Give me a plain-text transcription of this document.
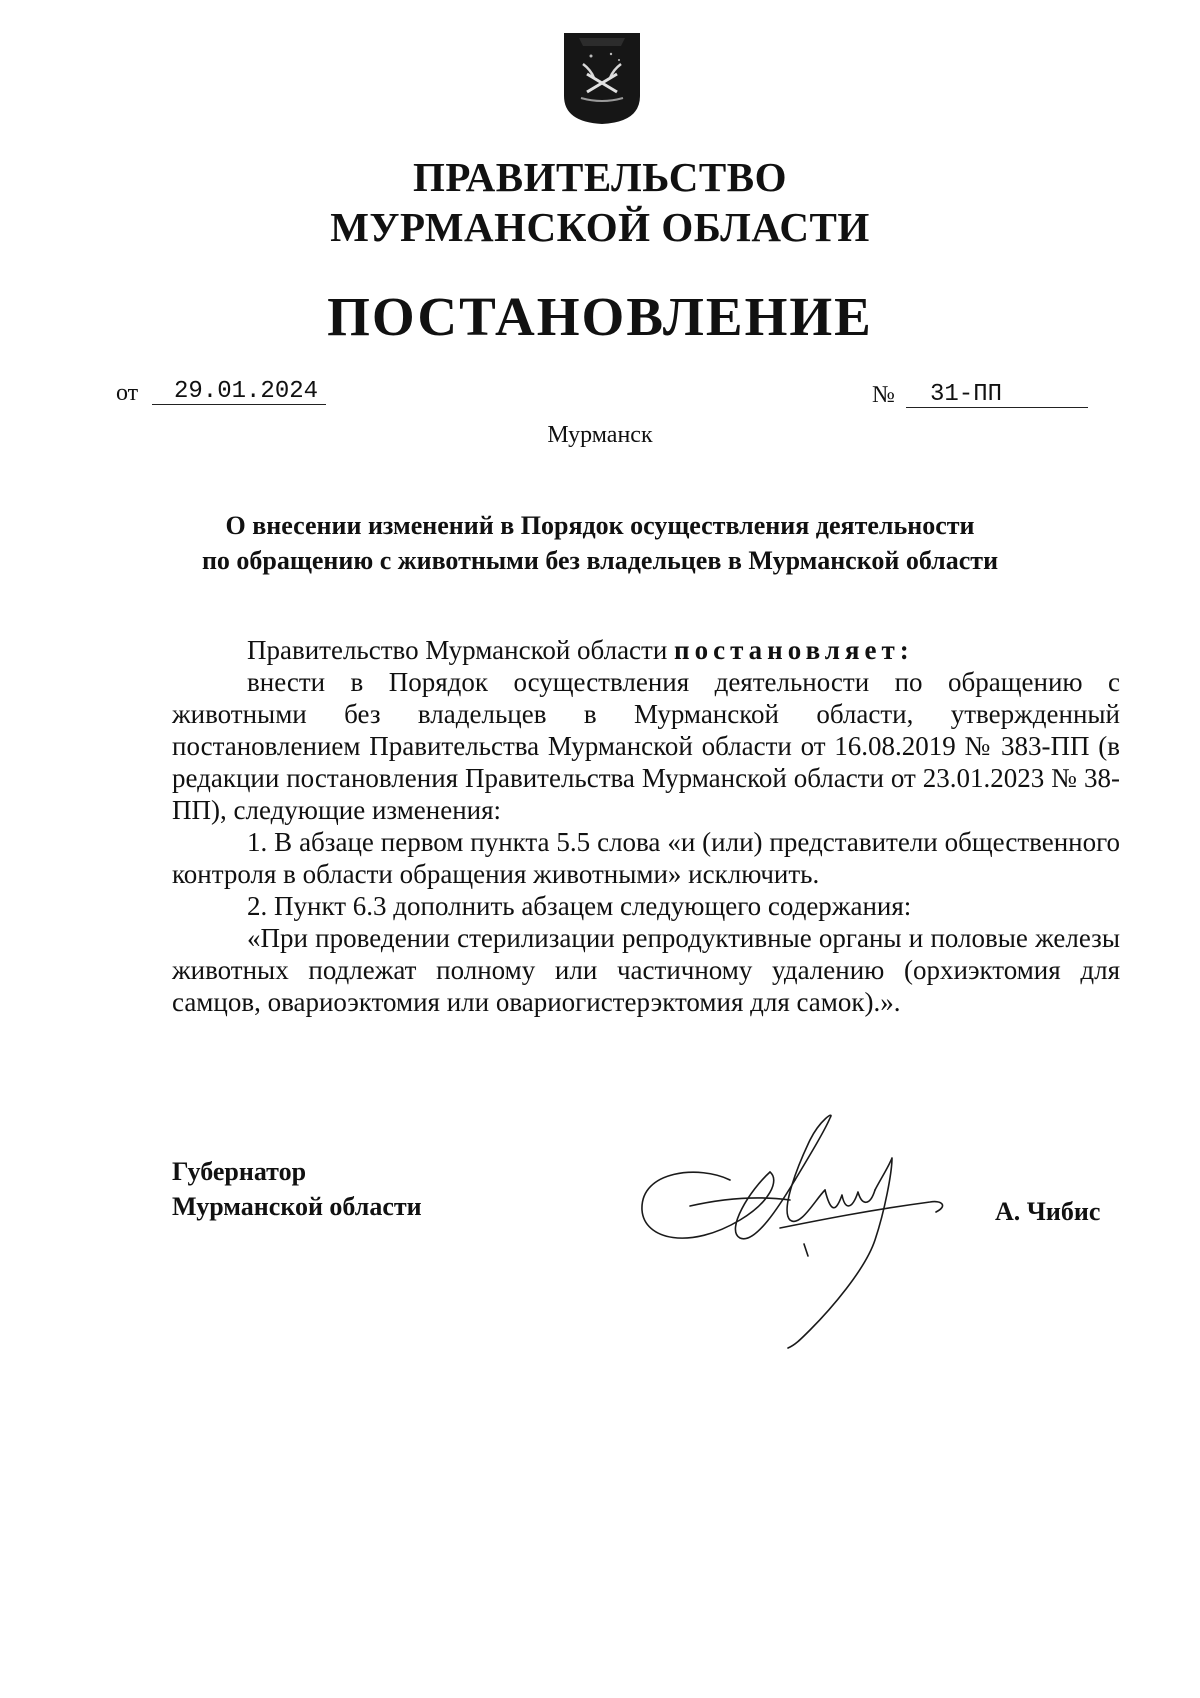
ПРАВИТЕЛЬСТВО
МУРМАНСКОЙ ОБЛАСТИ
ПОСТАНОВЛЕНИЕ
от 29.01.2024	№ 31-ПП
Мурманск
О внесении изменений в Порядок осуществления деятельности
по обращению с животными без владельцев в Мурманской области

Правительство Мурманской области постановляет:

внести в Порядок осуществления деятельности по обращению с животными без владельцев в Мурманской области, утвержденный постановлением Правительства Мурманской области от 16.08.2019 № 383-ПП (в редакции постановления Правительства Мурманской области от 23.01.2023 № 38-ПП), следующие изменения:

1. В абзаце первом пункта 5.5 слова «и (или) представители общественного контроля в области обращения животными» исключить.

2. Пункт 6.3 дополнить абзацем следующего содержания:

«При проведении стерилизации репродуктивные органы и половые железы животных подлежат полному или частичному удалению (орхиэктомия для самцов, овариоэктомия или овариогистерэктомия для самок).».

Губернатор
Мурманской области	А. Чибис
